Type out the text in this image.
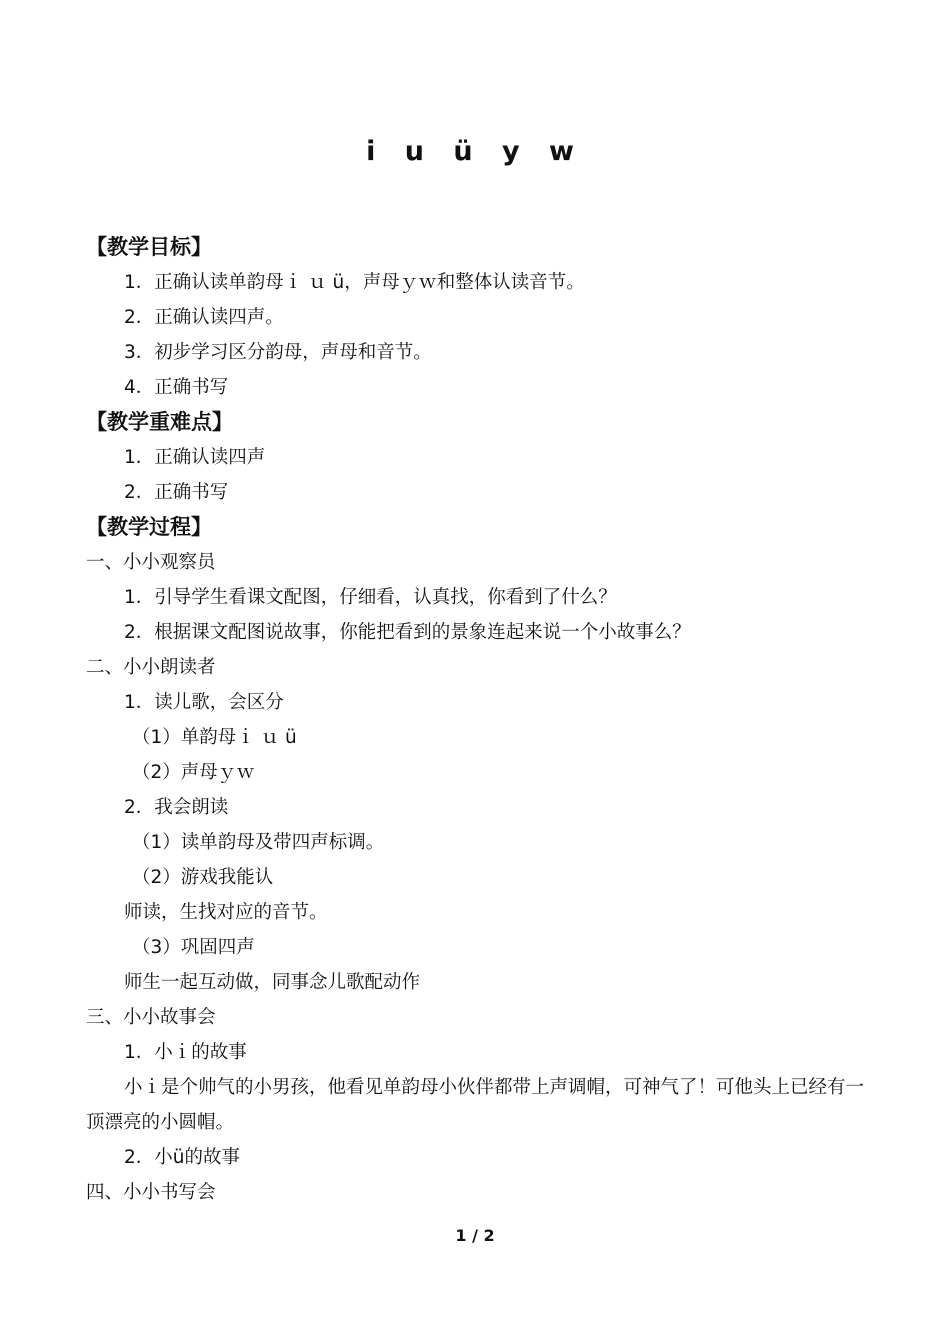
i u ü y w
【教学目标】
1．正确认读单韵母ｉ ｕ ü，声母ｙｗ和整体认读音节。
2．正确认读四声。
3．初步学习区分韵母，声母和音节。
4．正确书写
【教学重难点】
1．正确认读四声
2．正确书写
【教学过程】
一、小小观察员
1．引导学生看课文配图，仔细看，认真找，你看到了什么？
2．根据课文配图说故事，你能把看到的景象连起来说一个小故事么？
二、小小朗读者
1．读儿歌，会区分
（1）单韵母ｉ ｕ ü
（2）声母ｙｗ
2．我会朗读
（1）读单韵母及带四声标调。
（2）游戏我能认
师读，生找对应的音节。
（3）巩固四声
师生一起互动做，同事念儿歌配动作
三、小小故事会
1．小ｉ的故事
小ｉ是个帅气的小男孩，他看见单韵母小伙伴都带上声调帽，可神气了！可他头上已经有一顶漂亮的小圆帽。
2．小ü的故事
四、小小书写会
1 / 2
